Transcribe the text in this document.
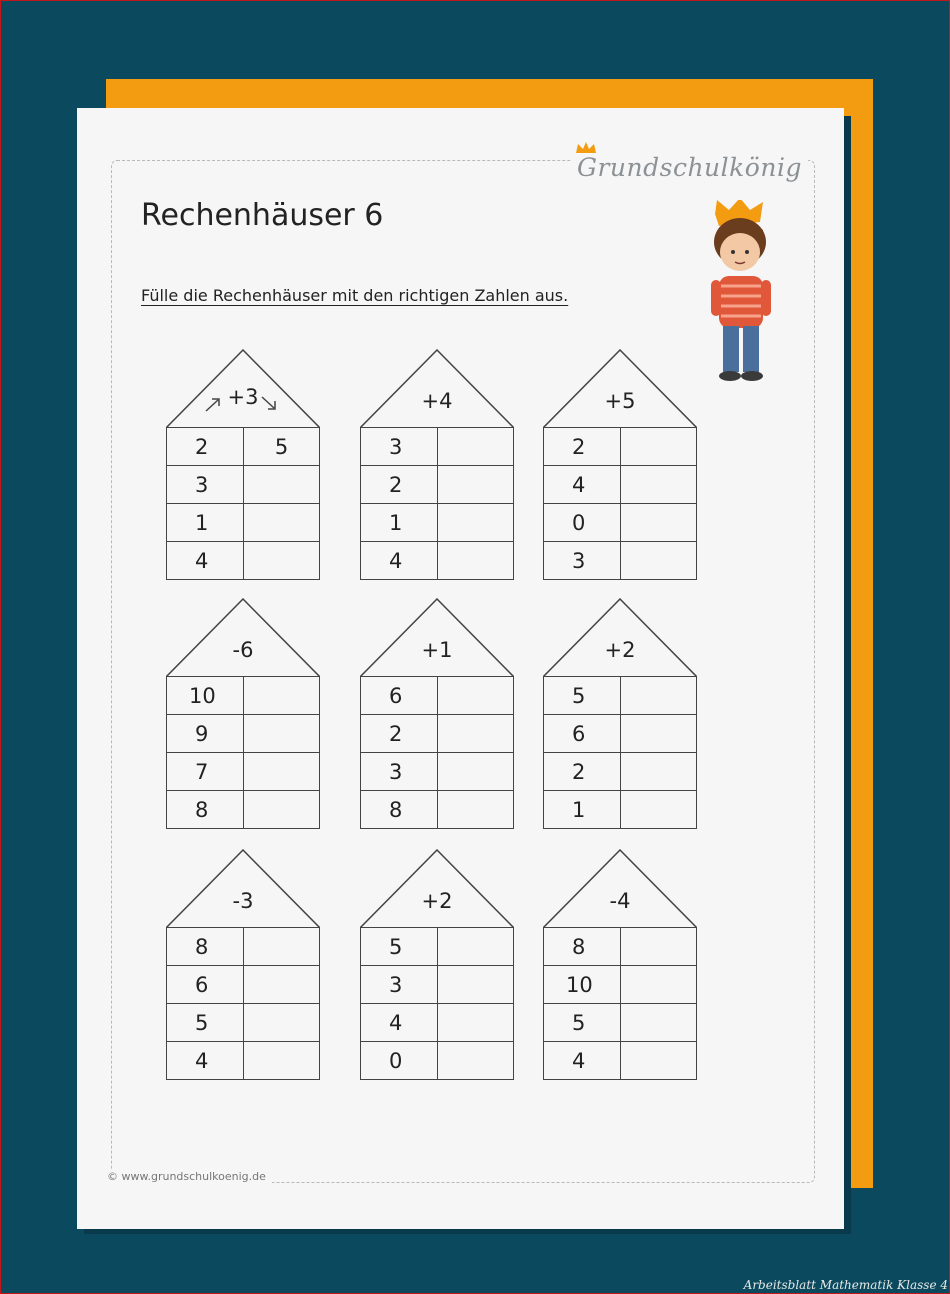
Grundschulkönig
Rechenhäuser 6
Fülle die Rechenhäuser mit den richtigen Zahlen aus.
+3
2	5
3	
1	
4	
+4
3	
2	
1	
4	
+5
2	
4	
0	
3	
-6
10	
9	
7	
8	
+1
6	
2	
3	
8	
+2
5	
6	
2	
1	
-3
8	
6	
5	
4	
+2
5	
3	
4	
0	
-4
8	
10	
5	
4	
© www.grundschulkoenig.de
Arbeitsblatt Mathematik Klasse 4
